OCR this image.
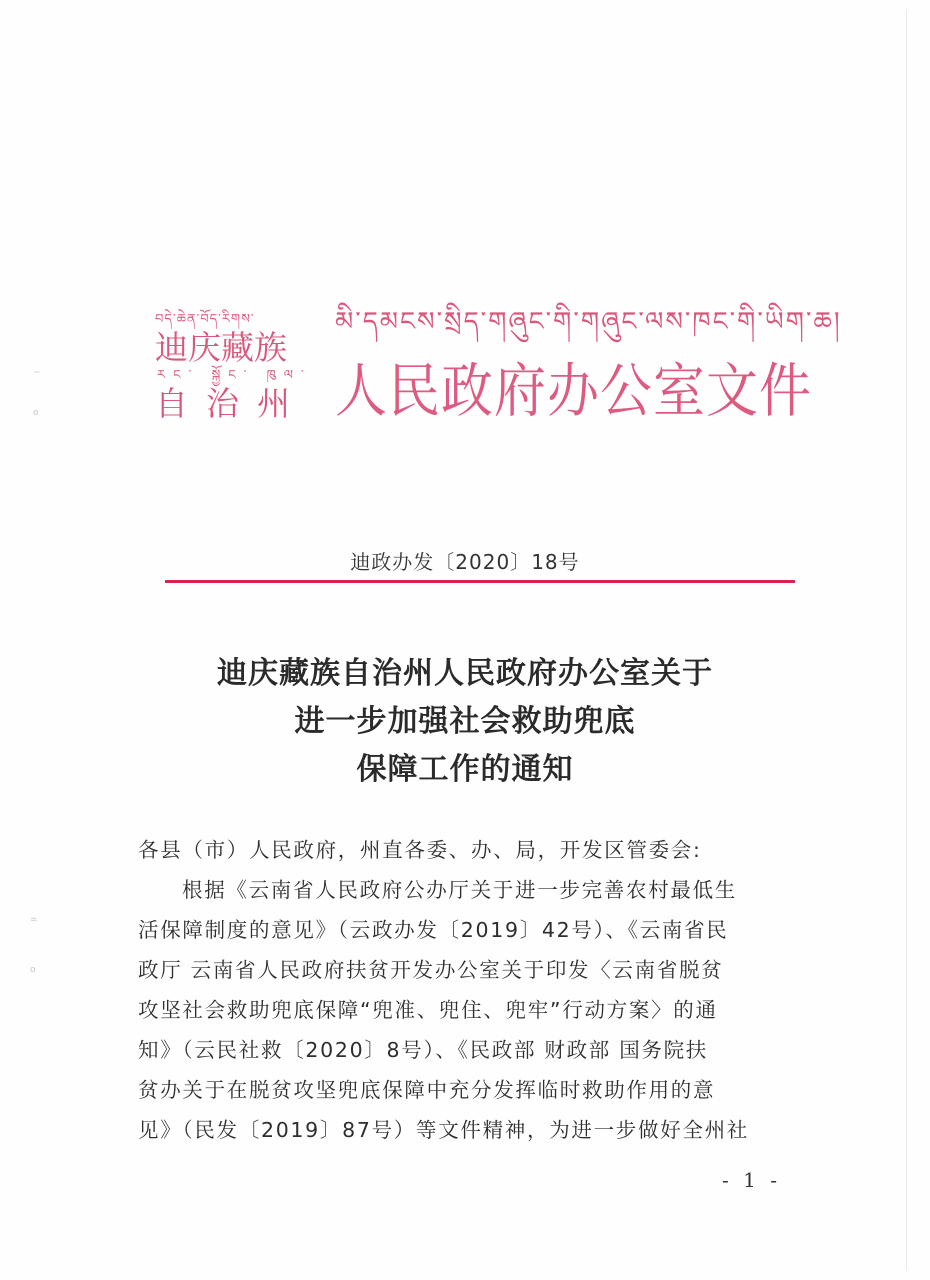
~
o
=
o
བདེ་ཆེན་བོད་རིགས་
迪庆藏族
རང་ སྐྱོང་ ཁུལ་
自治州
མི་དམངས་སྲིད་གཞུང་གི་གཞུང་ལས་ཁང་གི་ཡིག་ཆ།
人民政府办公室文件
迪政办发〔2020〕18号
迪庆藏族自治州人民政府办公室关于
进一步加强社会救助兜底
保障工作的通知
各县（市）人民政府，州直各委、办、局，开发区管委会:
根据《云南省人民政府公办厅关于进一步完善农村最低生
活保障制度的意见》（云政办发〔2019〕42号）、《云南省民
政厅 云南省人民政府扶贫开发办公室关于印发〈云南省脱贫
攻坚社会救助兜底保障“兜准、兜住、兜牢”行动方案〉的通
知》（云民社救〔2020〕8号）、《民政部 财政部 国务院扶
贫办关于在脱贫攻坚兜底保障中充分发挥临时救助作用的意
见》（民发〔2019〕87号）等文件精神，为进一步做好全州社
- 1 -
